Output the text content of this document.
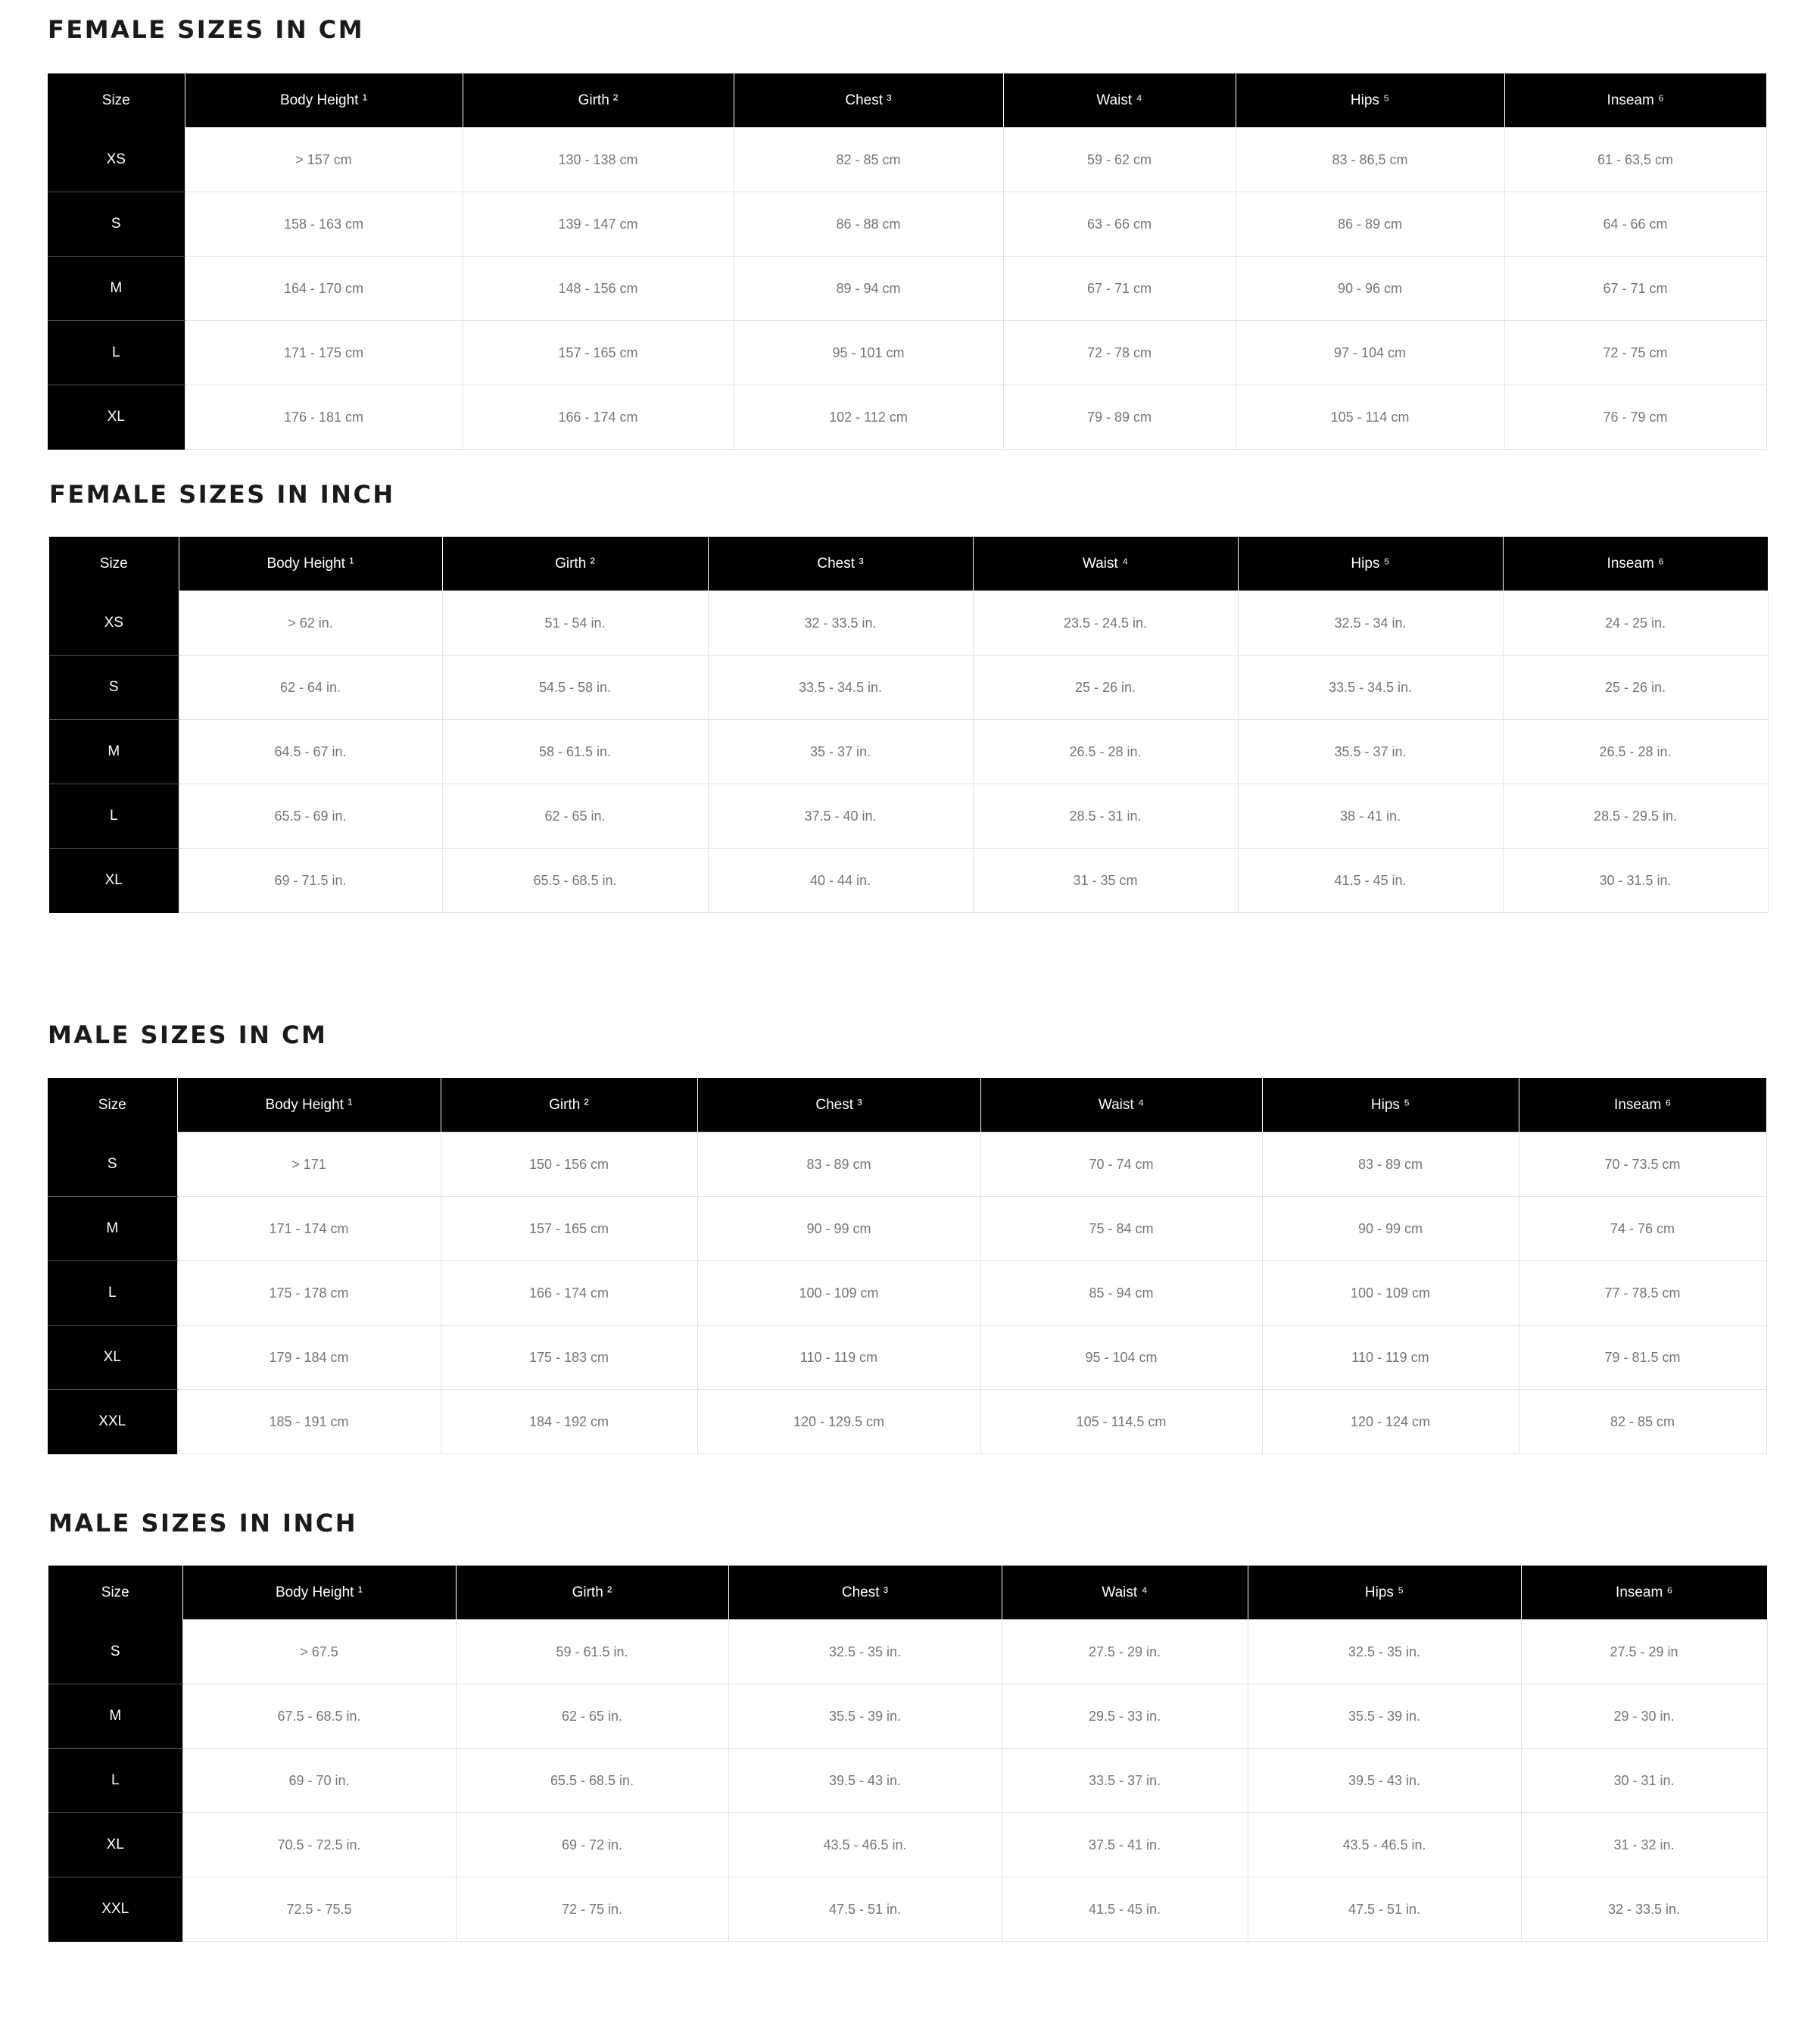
FEMALE SIZES IN CM
Size	Body Height ¹	Girth ²	Chest ³	Waist ⁴	Hips ⁵	Inseam ⁶
XS	> 157 cm	130 - 138 cm	82 - 85 cm	59 - 62 cm	83 - 86,5 cm	61 - 63,5 cm
S	158 - 163 cm	139 - 147 cm	86 - 88 cm	63 - 66 cm	86 - 89 cm	64 - 66 cm
M	164 - 170 cm	148 - 156 cm	89 - 94 cm	67 - 71 cm	90 - 96 cm	67 - 71 cm
L	171 - 175 cm	157 - 165 cm	95 - 101 cm	72 - 78 cm	97 - 104 cm	72 - 75 cm
XL	176 - 181 cm	166 - 174 cm	102 - 112 cm	79 - 89 cm	105 - 114 cm	76 - 79 cm
FEMALE SIZES IN INCH
Size	Body Height ¹	Girth ²	Chest ³	Waist ⁴	Hips ⁵	Inseam ⁶
XS	> 62 in.	51 - 54 in.	32 - 33.5 in.	23.5 - 24.5 in.	32.5 - 34 in.	24 - 25 in.
S	62 - 64 in.	54.5 - 58 in.	33.5 - 34.5 in.	25 - 26 in.	33.5 - 34.5 in.	25 - 26 in.
M	64.5 - 67 in.	58 - 61.5 in.	35 - 37 in.	26.5 - 28 in.	35.5 - 37 in.	26.5 - 28 in.
L	65.5 - 69 in.	62 - 65 in.	37.5 - 40 in.	28.5 - 31 in.	38 - 41 in.	28.5 - 29.5 in.
XL	69 - 71.5 in.	65.5 - 68.5 in.	40 - 44 in.	31 - 35 cm	41.5 - 45 in.	30 - 31.5 in.
MALE SIZES IN CM
Size	Body Height ¹	Girth ²	Chest ³	Waist ⁴	Hips ⁵	Inseam ⁶
S	> 171	150 - 156 cm	83 - 89 cm	70 - 74 cm	83 - 89 cm	70 - 73.5 cm
M	171 - 174 cm	157 - 165 cm	90 - 99 cm	75 - 84 cm	90 - 99 cm	74 - 76 cm
L	175 - 178 cm	166 - 174 cm	100 - 109 cm	85 - 94 cm	100 - 109 cm	77 - 78.5 cm
XL	179 - 184 cm	175 - 183 cm	110 - 119 cm	95 - 104 cm	110 - 119 cm	79 - 81.5 cm
XXL	185 - 191 cm	184 - 192 cm	120 - 129.5 cm	105 - 114.5 cm	120 - 124 cm	82 - 85 cm
MALE SIZES IN INCH
Size	Body Height ¹	Girth ²	Chest ³	Waist ⁴	Hips ⁵	Inseam ⁶
S	> 67.5	59 - 61.5 in.	32.5 - 35 in.	27.5 - 29 in.	32.5 - 35 in.	27.5 - 29 in
M	67.5 - 68.5 in.	62 - 65 in.	35.5 - 39 in.	29.5 - 33 in.	35.5 - 39 in.	29 - 30 in.
L	69 - 70 in.	65.5 - 68.5 in.	39.5 - 43 in.	33.5 - 37 in.	39.5 - 43 in.	30 - 31 in.
XL	70.5 - 72.5 in.	69 - 72 in.	43.5 - 46.5 in.	37.5 - 41 in.	43.5 - 46.5 in.	31 - 32 in.
XXL	72.5 - 75.5	72 - 75 in.	47.5 - 51 in.	41.5 - 45 in.	47.5 - 51 in.	32 - 33.5 in.
